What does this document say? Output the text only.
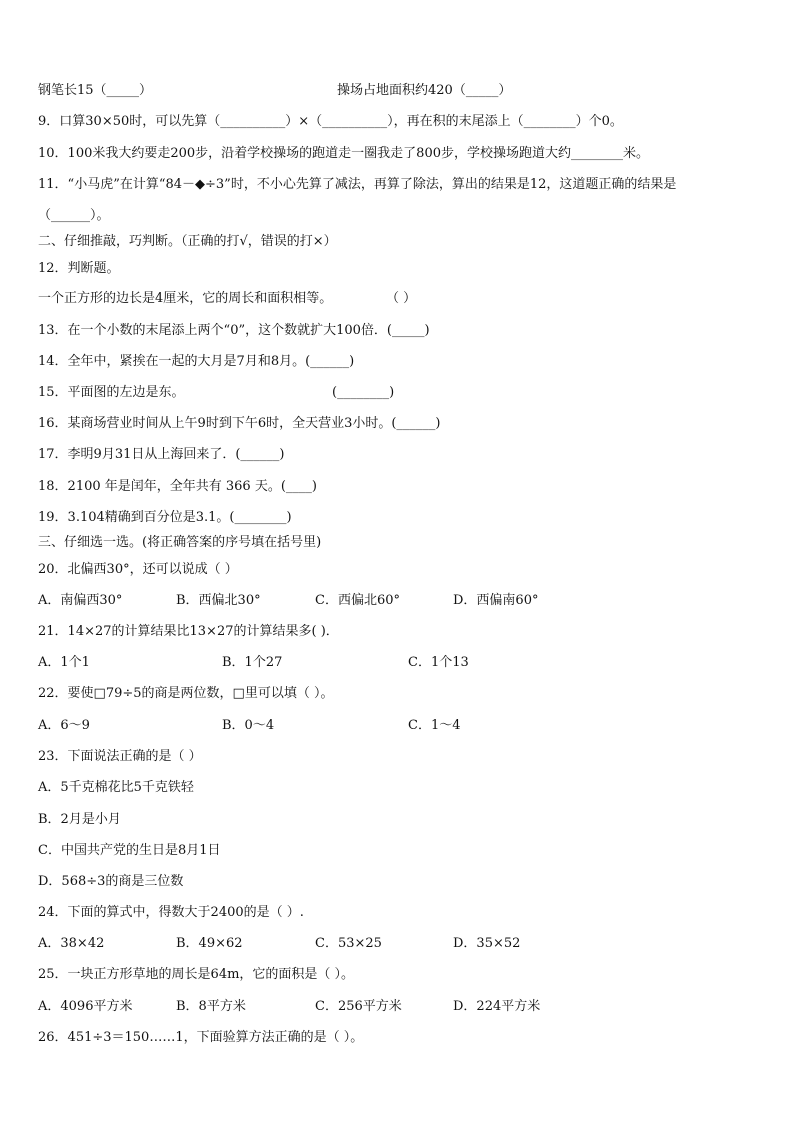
钢笔长15（_____）	操场占地面积约420（_____）
9．口算30×50时，可以先算（__________）×（__________），再在积的末尾添上（________）个0。
10．100米我大约要走200步，沿着学校操场的跑道走一圈我走了800步，学校操场跑道大约________米。
11．“小马虎”在计算“84－◆÷3”时，不小心先算了减法，再算了除法，算出的结果是12，这道题正确的结果是
（______）。
二、仔细推敲，巧判断。（正确的打√，错误的打×）
12．判断题。
一个正方形的边长是4厘米，它的周长和面积相等。	（ ）
13．在一个小数的末尾添上两个“0”，这个数就扩大100倍．(_____)
14．全年中，紧挨在一起的大月是7月和8月。(______)
15．平面图的左边是东。	(________)
16．某商场营业时间从上午9时到下午6时，全天营业3小时。(______)
17．李明9月31日从上海回来了．(______)
18．2100 年是闰年，全年共有 366 天。(____)
19．3.104精确到百分位是3.1。(________)
三、仔细选一选。(将正确答案的序号填在括号里)
20．北偏西30°，还可以说成（ ）
A．南偏西30°	B．西偏北30°	C．西偏北60°	D．西偏南60°
21．14×27的计算结果比13×27的计算结果多( )．
A．1个1	B．1个27	C．1个13
22．要使□79÷5的商是两位数，□里可以填（ ）。
A．6～9	B．0～4	C．1～4
23．下面说法正确的是（ ）
A．5千克棉花比5千克铁轻
B．2月是小月
C．中国共产党的生日是8月1日
D．568÷3的商是三位数
24．下面的算式中，得数大于2400的是（ ）.
A．38×42	B．49×62	C．53×25	D．35×52
25．一块正方形草地的周长是64m，它的面积是（ ）。
A．4096平方米	B．8平方米	C．256平方米	D．224平方米
26．451÷3＝150……1，下面验算方法正确的是（ ）。
